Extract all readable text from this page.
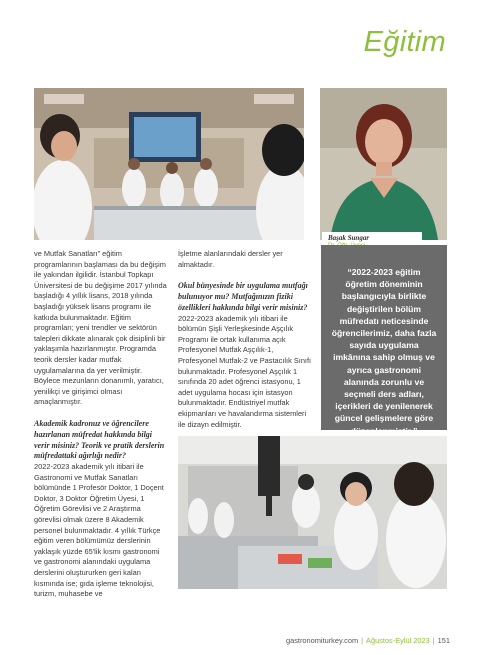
Eğitim
Başak Sungar

ve Mutfak Sanatları” eğitim programlarının başlaması da bu değişim ile yakından ilgilidir. İstanbul Topkapı Üniversitesi de bu değişime 2017 yılında başladığı 4 yıllık lisans, 2018 yılında başladığı yüksek lisans programı ile katkıda bulunmaktadır. Eğitim programları; yeni trendler ve sektörün talepleri dikkate alınarak çok disiplinli bir yaklaşımla hazırlanmıştır. Programda teorik dersler kadar mutfak uygulamalarına da yer verilmiştir. Böylece mezunların donanımlı, yaratıcı, yenilikçi ve girişimci olması amaçlanmıştır.

Akademik kadronuz ve öğrencilere hazırlanan müfredat hakkında bilgi verir misiniz? Teorik ve pratik derslerin müfredattaki ağırlığı nedir?

2022-2023 akademik yılı itibari ile Gastronomi ve Mutfak Sanatları bölümünde 1 Profesör Doktor, 1 Doçent Doktor, 3 Doktor Öğretim Üyesi, 1 Öğretim Görevlisi ve 2 Araştırma görevlisi olmak üzere 8 Akademik personel bulunmaktadır. 4 yıllık Türkçe eğitim veren bölümümüz derslerinin yaklaşık yüzde 65'lik kısmı gastronomi ve gastronomi alanındaki uygulama derslerini oluştururken geri kalan kısmında ise; gıda işleme teknolojisi, turizm, muhasebe ve

İşletme alanlarındaki dersler yer almaktadır.

Okul bünyesinde bir uygulama mutfağı bulunuyor mu? Mutfağınızın fiziki özellikleri hakkında bilgi verir misiniz?

2022-2023 akademik yılı itibari ile bölümün Şişli Yerleşkesinde Aşçılık Programı ile ortak kullanıma açık Profesyonel Mutfak Aşçılık-1, Profesyonel Mutfak-2 ve Pastacılık Sınıfı bulunmaktadır. Profesyonel Aşçılık 1 sınıfında 20 adet öğrenci istasyonu, 1 adet uygulama hocası için istasyon bulunmaktadır. Endüstriyel mutfak ekipmanları ve havalandırma sistemleri ile dizayn edilmiştir.

“2022-2023 eğitim öğretim döneminin başlangıcıyla birlikte değiştirilen bölüm müfredatı neticesinde öğrencilerimiz, daha fazla sayıda uygulama imkânına sahip olmuş ve ayrıca gastronomi alanında zorunlu ve seçmeli ders adları, içerikleri de yenilenerek güncel gelişmelere göre düzenlenmiştir.”

gastronomiturkey.com | Ağustos-Eylül 2023 | 151
